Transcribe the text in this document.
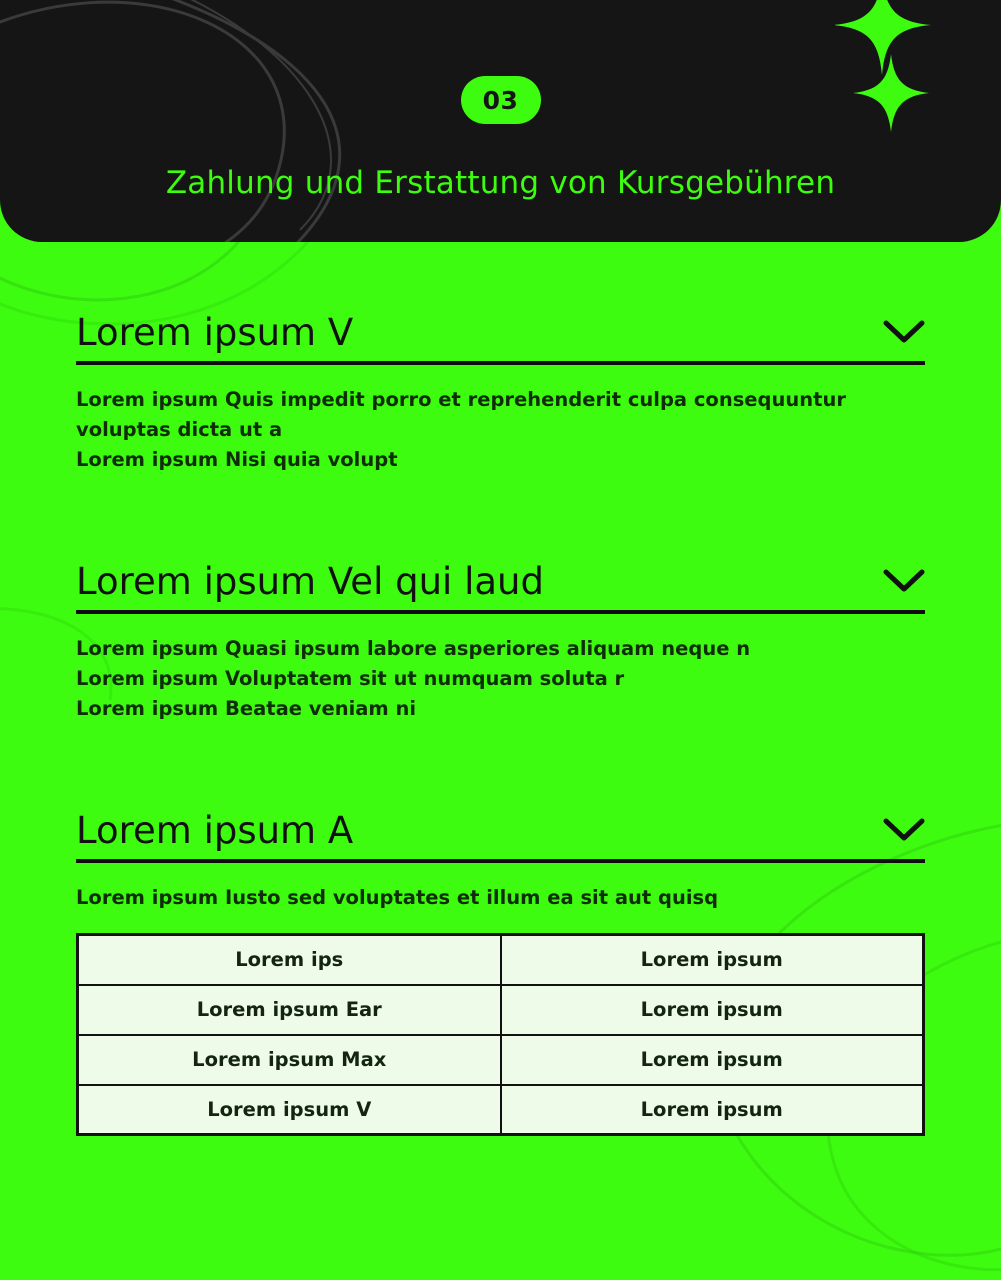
03
Zahlung und Erstattung von Kursgebühren
Lorem ipsum V
Lorem ipsum Quis impedit porro et reprehenderit culpa consequuntur
voluptas dicta ut a
Lorem ipsum Nisi quia volupt
Lorem ipsum Vel qui laud
Lorem ipsum Quasi ipsum labore asperiores aliquam neque n
Lorem ipsum Voluptatem sit ut numquam soluta r
Lorem ipsum Beatae veniam ni
Lorem ipsum A
Lorem ipsum Iusto sed voluptates et illum ea sit aut quisq
Lorem ips	Lorem ipsum
Lorem ipsum Ear	Lorem ipsum
Lorem ipsum Max	Lorem ipsum
Lorem ipsum V	Lorem ipsum
